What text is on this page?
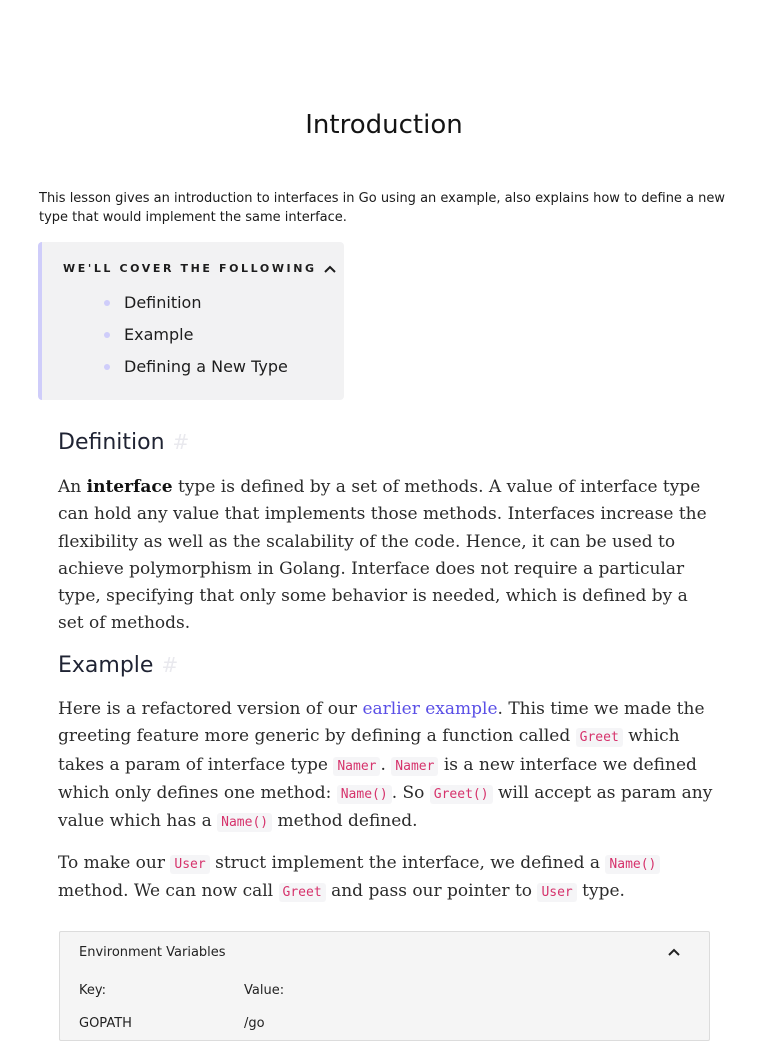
Introduction

This lesson gives an introduction to interfaces in Go using an example, also explains how to define a new type that would implement the same interface.

WE'LL COVER THE FOLLOWING
Definition
Example
Defining a New Type
Definition #

An interface type is defined by a set of methods. A value of interface type can hold any value that implements those methods. Interfaces increase the flexibility as well as the scalability of the code. Hence, it can be used to achieve polymorphism in Golang. Interface does not require a particular type, specifying that only some behavior is needed, which is defined by a set of methods.

Example #

Here is a refactored version of our earlier example. This time we made the greeting feature more generic by defining a function called Greet which takes a param of interface type Namer . Namer is a new interface we defined which only defines one method: Name() . So Greet() will accept as param any value which has a Name() method defined.

To make our User struct implement the interface, we defined a Name() method. We can now call Greet and pass our pointer to User type.

Environment Variables
Key:	Value:
GOPATH	/go
